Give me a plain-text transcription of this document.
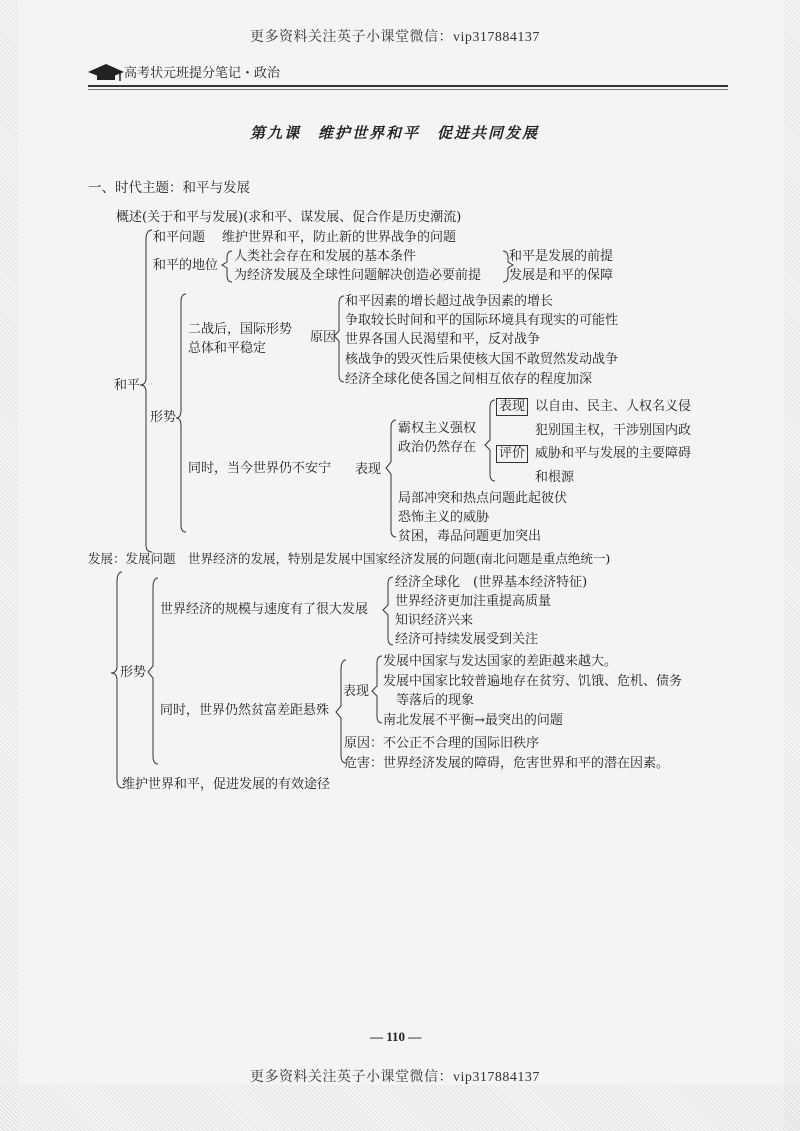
更多资料关注英子小课堂微信：vip317884137
高考状元班提分笔记・政治
第九课　维护世界和平　促进共同发展
一、时代主题：和平与发展
概述(关于和平与发展)(求和平、谋发展、促合作是历史潮流)
和平
和平问题 维护世界和平，防止新的世界战争的问题
和平的地位
人类社会存在和发展的基本条件
为经济发展及全球性问题解决创造必要前提
和平是发展的前提
发展是和平的保障
形势
二战后，国际形势
总体和平稳定
原因
和平因素的增长超过战争因素的增长
争取较长时间和平的国际环境具有现实的可能性
世界各国人民渴望和平，反对战争
核战争的毁灭性后果使核大国不敢贸然发动战争
经济全球化使各国之间相互依存的程度加深
同时，当今世界仍不安宁 表现
霸权主义强权
政治仍然存在
表现 以自由、民主、人权名义侵
犯别国主权，干涉别国内政
评价 威胁和平与发展的主要障碍
和根源
局部冲突和热点问题此起彼伏
恐怖主义的威胁
贫困，毒品问题更加突出
发展：发展问题　世界经济的发展，特别是发展中国家经济发展的问题(南北问题是重点绝统一)
形势
世界经济的规模与速度有了很大发展
经济全球化　(世界基本经济特征)
世界经济更加注重提高质量
知识经济兴来
经济可持续发展受到关注
同时，世界仍然贫富差距悬殊
表现
发展中国家与发达国家的差距越来越大。
发展中国家比较普遍地存在贫穷、饥饿、危机、债务
等落后的现象
南北发展不平衡→最突出的问题
原因：不公正不合理的国际旧秩序
危害：世界经济发展的障碍，危害世界和平的潜在因素。
维护世界和平，促进发展的有效途径
— 110 —
更多资料关注英子小课堂微信：vip317884137
